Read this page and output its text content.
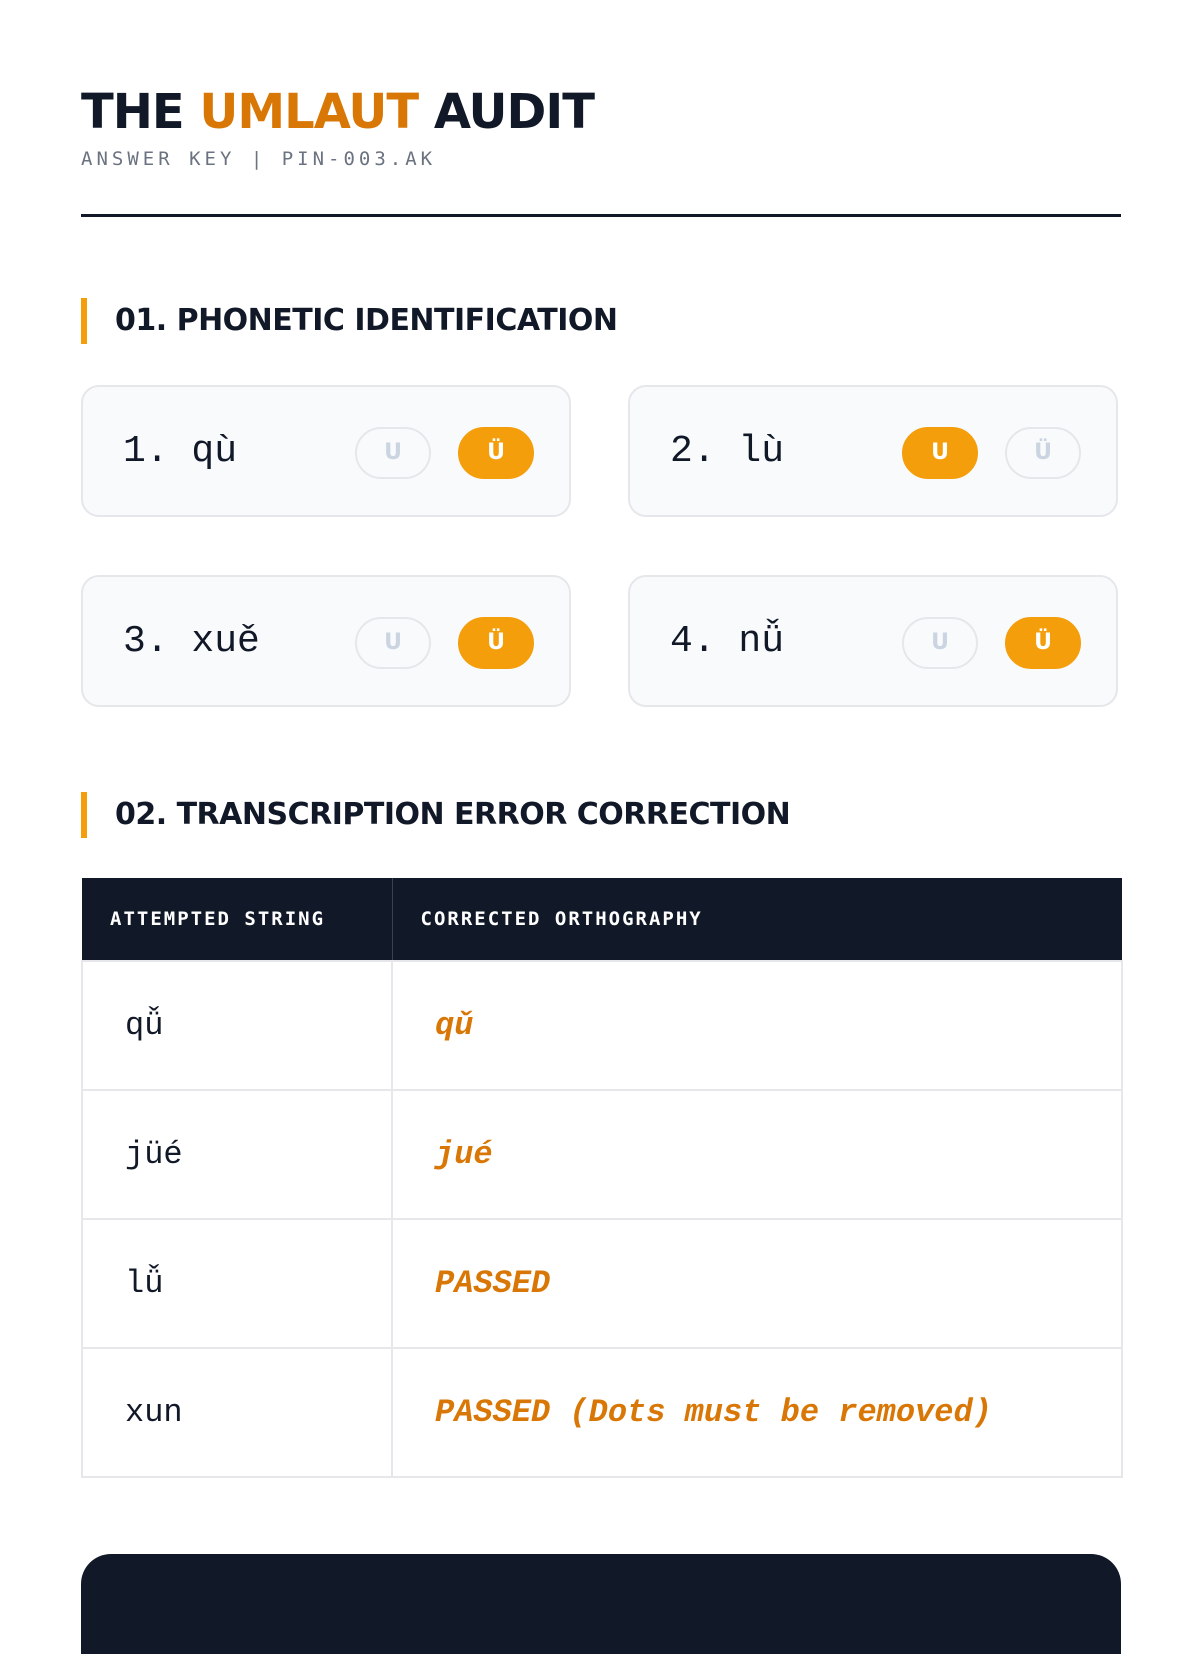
THE UMLAUT AUDIT
ANSWER KEY | PIN-003.AK
01. PHONETIC IDENTIFICATION
1. qù	U	Ü	2. lù	U	Ü
3. xuě	U	Ü	4. nǚ	U	Ü
02. TRANSCRIPTION ERROR CORRECTION
ATTEMPTED STRING	CORRECTED ORTHOGRAPHY
qǚ	qǔ
jüé	jué
lǚ	PASSED
xun	PASSED (Dots must be removed)
